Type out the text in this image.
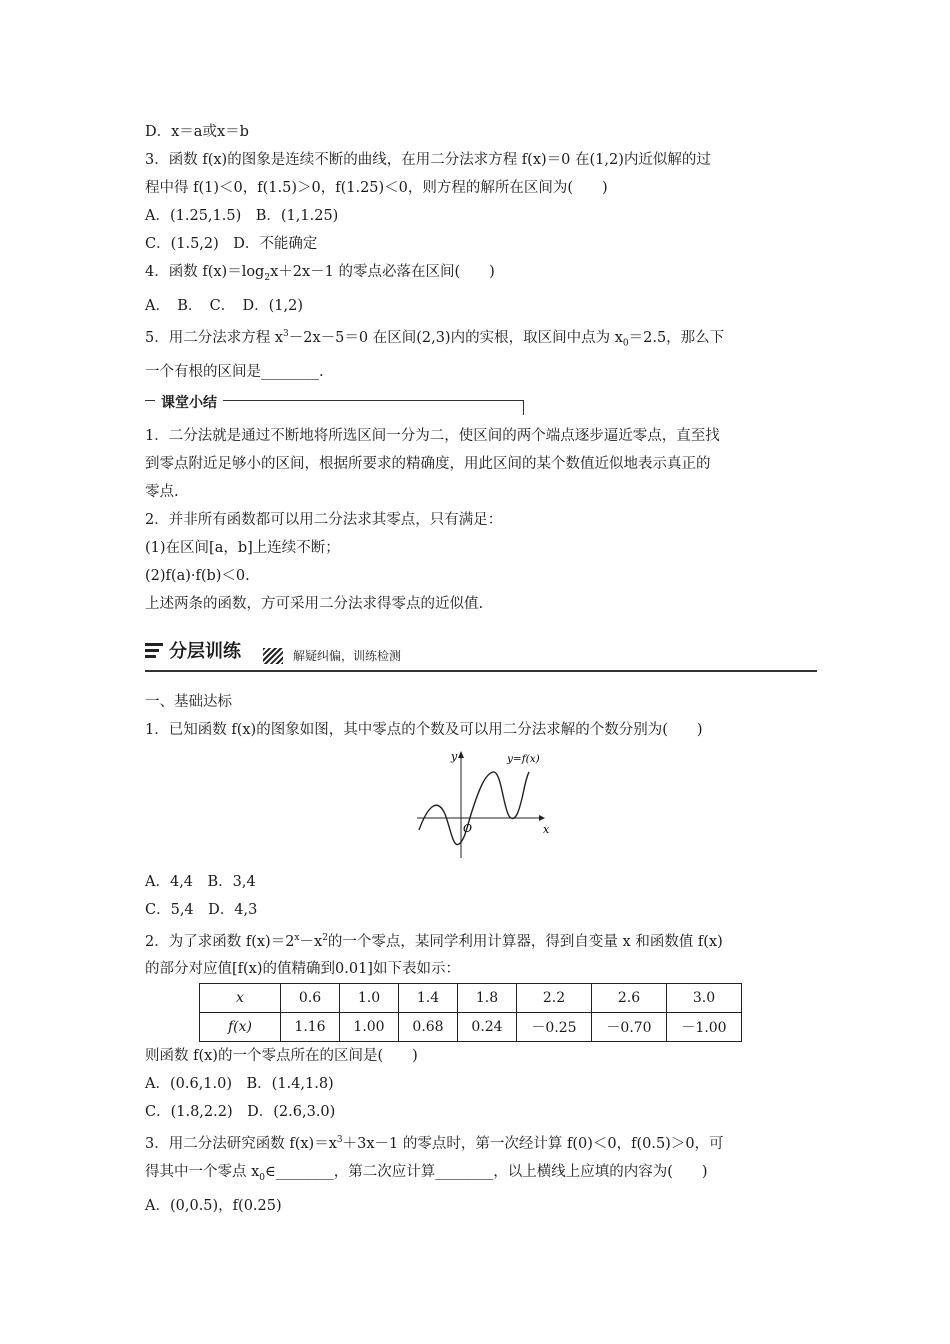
D．x＝a或x＝b
3．函数 f(x)的图象是连续不断的曲线，在用二分法求方程 f(x)＝0 在(1,2)内近似解的过
程中得 f(1)＜0，f(1.5)＞0，f(1.25)＜0，则方程的解所在区间为(　　)
A．(1.25,1.5)　B．(1,1.25)
C．(1.5,2)　D．不能确定
4．函数 $f(x)=\log_2x+2x-1$ 的零点必落在区间(　　)
A．　B．　C．　D．(1,2)
5．用二分法求方程 $x^3-2x-5=0$ 在区间(2,3)内的实根，取区间中点为 $x_0=2.5$，那么下
一个有根的区间是________.
课堂小结
1．二分法就是通过不断地将所选区间一分为二，使区间的两个端点逐步逼近零点，直至找
到零点附近足够小的区间，根据所要求的精确度，用此区间的某个数值近似地表示真正的
零点.
2．并非所有函数都可以用二分法求其零点，只有满足：
(1)在区间[a，b]上连续不断；
(2)f(a)·f(b)＜0.
上述两条的函数，方可采用二分法求得零点的近似值.
分层训练	解疑纠偏，训练检测
一、基础达标
1．已知函数 f(x)的图象如图，其中零点的个数及可以用二分法求解的个数分别为(　　)
y
x
O
y=f(x)
A．4,4　B．3,4
C．5,4　D．4,3
2．为了求函数 $f(x)=2^x-x^2$的一个零点，某同学利用计算器，得到自变量 x 和函数值 f(x)
的部分对应值[f(x)的值精确到0.01]如下表如示：
x	0.6	1.0	1.4	1.8	2.2	2.6	3.0
f(x)	1.16	1.00	0.68	0.24	－0.25	－0.70	－1.00
则函数 f(x)的一个零点所在的区间是(　　)
A．(0.6,1.0)　B．(1.4,1.8)
C．(1.8,2.2)　D．(2.6,3.0)
3．用二分法研究函数 $f(x)=x^3+3x-1$ 的零点时，第一次经计算 f(0)＜0，f(0.5)＞0，可
得其中一个零点 $x_0\in\_\_\_\_\_\_\_\_$，第二次应计算________，以上横线上应填的内容为(　　)
A．(0,0.5)，f(0.25)
